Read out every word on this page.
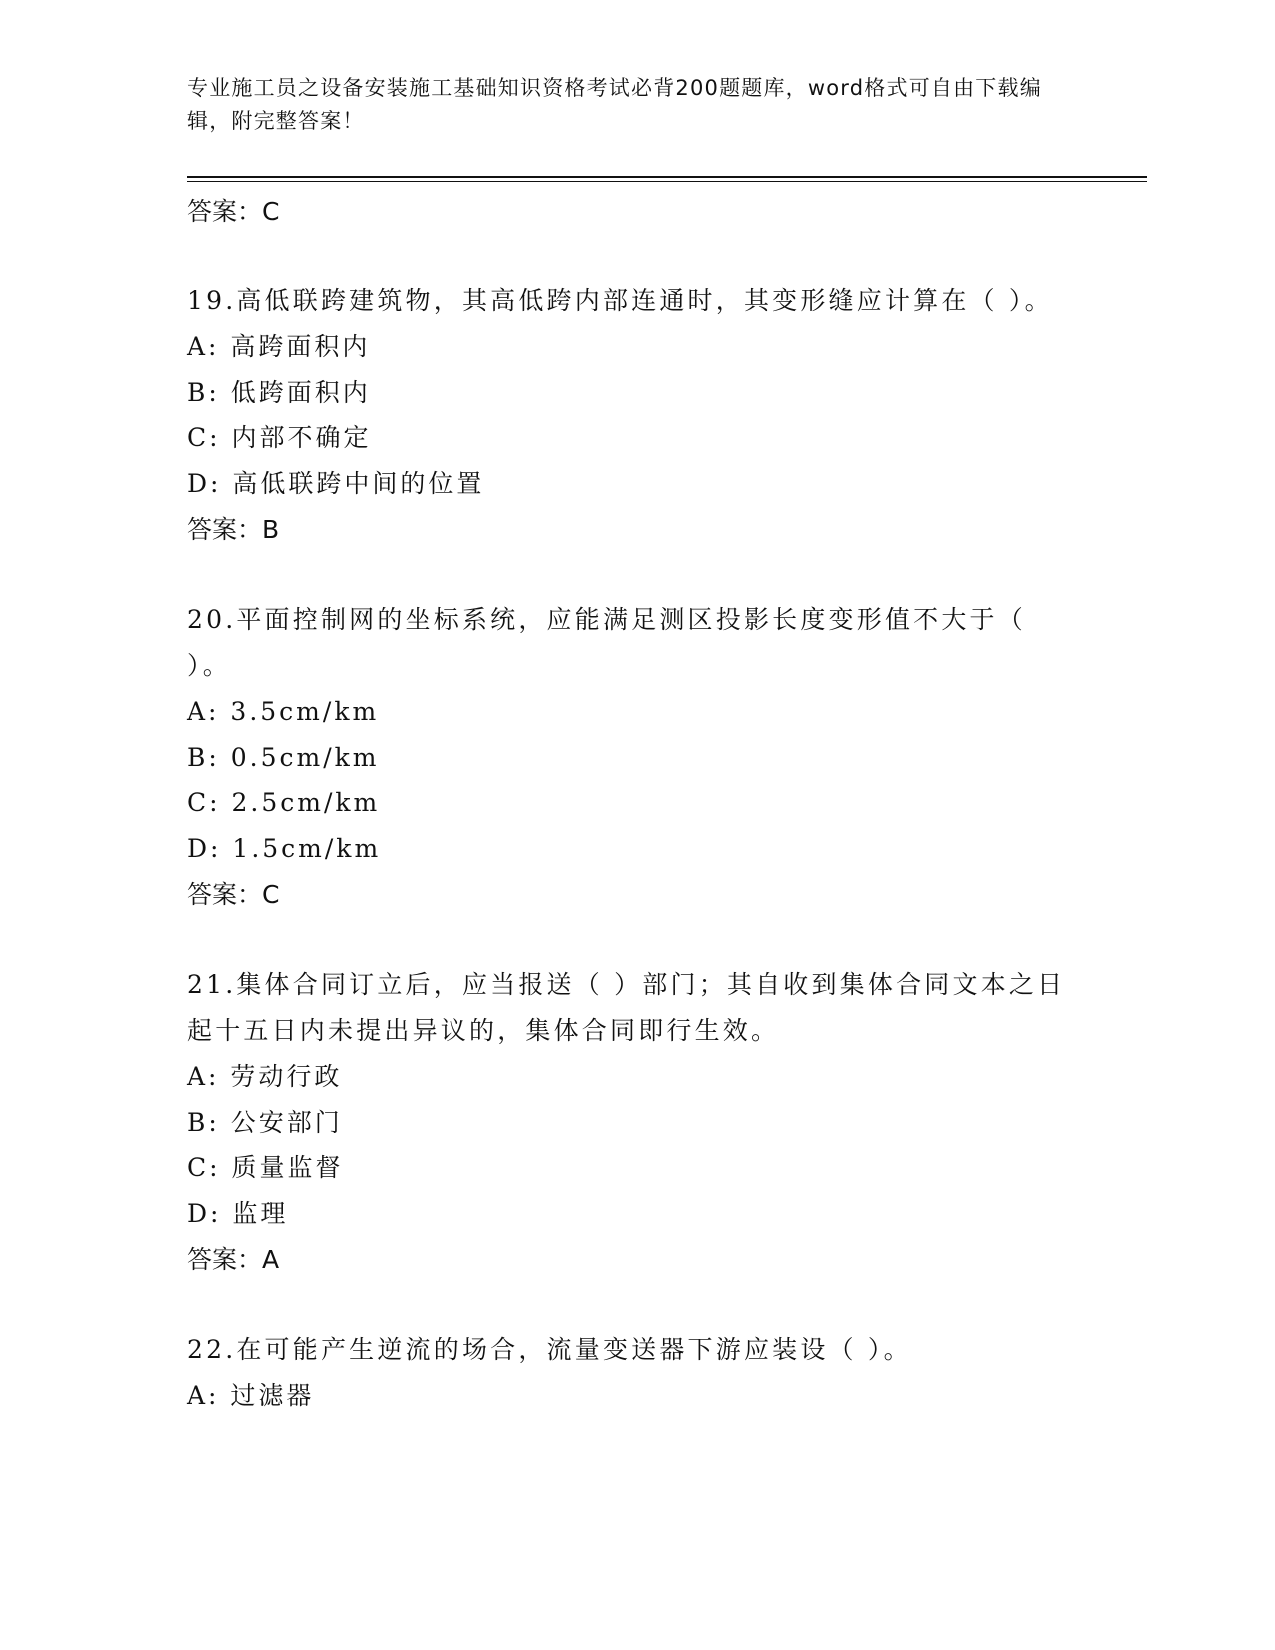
专业施工员之设备安装施工基础知识资格考试必背200题题库，word格式可自由下载编辑，附完整答案！

答案：C

19.高低联跨建筑物，其高低跨内部连通时，其变形缝应计算在（ ）。

A: 高跨面积内

B: 低跨面积内

C: 内部不确定

D: 高低联跨中间的位置

答案：B

20.平面控制网的坐标系统，应能满足测区投影长度变形值不大于（ ）。

A: 3.5cm/km

B: 0.5cm/km

C: 2.5cm/km

D: 1.5cm/km

答案：C

21.集体合同订立后，应当报送（ ）部门；其自收到集体合同文本之日起十五日内未提出异议的，集体合同即行生效。

A: 劳动行政

B: 公安部门

C: 质量监督

D: 监理

答案：A

22.在可能产生逆流的场合，流量变送器下游应装设（ ）。

A: 过滤器
